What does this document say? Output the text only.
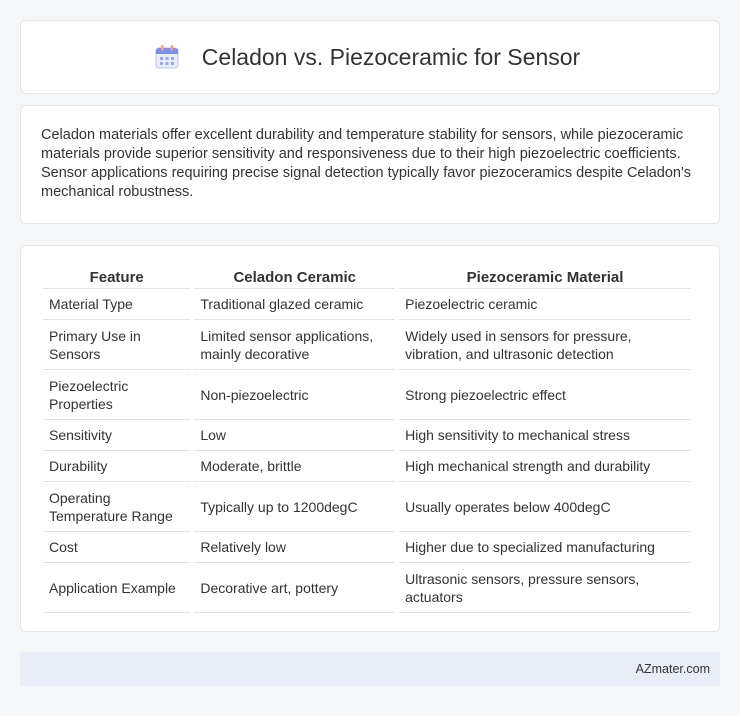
Celadon vs. Piezoceramic for Sensor

Celadon materials offer excellent durability and temperature stability for sensors, while piezoceramic materials provide superior sensitivity and responsiveness due to their high piezoelectric coefficients. Sensor applications requiring precise signal detection typically favor piezoceramics despite Celadon's mechanical robustness.

Feature	Celadon Ceramic	Piezoceramic Material
Material Type	Traditional glazed ceramic	Piezoelectric ceramic
Primary Use in Sensors	Limited sensor applications, mainly decorative	Widely used in sensors for pressure, vibration, and ultrasonic detection
Piezoelectric Properties	Non-piezoelectric	Strong piezoelectric effect
Sensitivity	Low	High sensitivity to mechanical stress
Durability	Moderate, brittle	High mechanical strength and durability
Operating Temperature Range	Typically up to 1200degC	Usually operates below 400degC
Cost	Relatively low	Higher due to specialized manufacturing
Application Example	Decorative art, pottery	Ultrasonic sensors, pressure sensors, actuators
AZmater.com
